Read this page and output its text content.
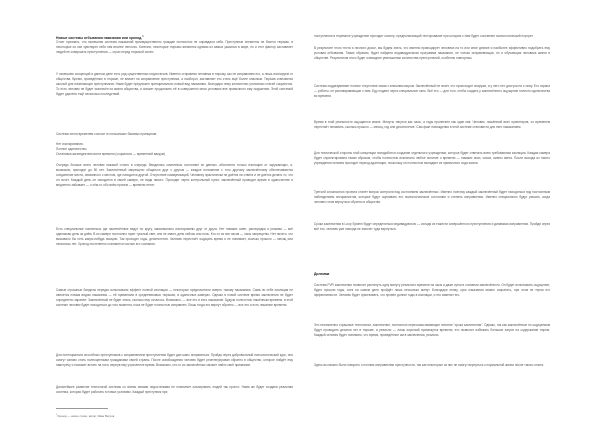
Новые системы отбывания наказания или хронод.$^1$

Стоит признать, что нынешняя система наказаний преимущественно граждан полностью не оправдала себя. Преступные элементы не боятся тюрьмы, в некоторые из них чувствуют себя там вполне неплохо. Конечно, некоторые тюрьмы являются одними из самых ужасных в мире, но и этот фактор заставляет людей не совершать преступления — страх перед тюрьмой силен.

У нынешних концепций в данном деле есть ряд существенных недостатков. Именно отправляя человека в тюрьму, мы не исправляем его, а лишь изолируем от общества. Время, проведённое в тюрьме, не влияет на исправление преступника, а наоборот, заставляет его стать ещё более опасным. Тюрьма становится школой для начинающих преступников. Нами будет предложен принципиально новый вид наказания, благодаря чему количество уголовных статей сократится. То есть человек не будет исключён из жизни общества, а сможет продолжить её в совершенно иных условиях вне привычного ему окружения. Этой системой будет удалено ещё несколько последствий.

Система легли временем состоит из нескольких базовых принципов.

Нет изолирования.

Полное одиночество.

Остановка жизнедеятельности времени (социально — временной вакуум)

Очередь больше всего человек никакой стоять в очереди. Вводились комплексы состояние их данных, абсолютно только изоляцию от окружающих, и, возможно, приходят до 50 лет. Заключённый запрещено общаться друг с другом — каждое положение с того другому заключённому обеспечиваются соединение места, связанного с местом, где находится другой. Отсутствие коммуникаций. Человеку практически не даётся ни ответа и не даётся делать то, что он хочет. Каждый день он находится в своей камере, не видя никого. Проходят через контрольный пункт, заключённый проводит время в одиночестве и медленно забывает — о чём-то обо всём прочем — времени летит.

Есть специальные комплексы где заключённые ведут по кругу, максимально изолированы друг от друга. Нет никаких смен, распорядка и режима — всё одинаково день за днём. В их камере постоянно горит тусклый свет, они не знают, день сейчас или ночь. Кто-то из них часов — часы запрещены. Нет ничего, что вызывало бы хоть какую-нибудь эмоцию. Так проходят годы, десятилетия. Человек перестаёт ощущать время и не понимает, сколько прошло — месяц или несколько лет. Хронод постепенно становится частью его сознания.

Самые страшные бандиты нередко испытывали эффект полной изоляции — некоторые предпочитали смерть такому наказанию. Сама по себе изоляция не является новым видом наказания — её применяли в средневековых тюрьмах, в одиночных камерах. Однако в новой системе время заключения не будет определено заранее. Заключённый не будет знать, сколько ему осталось. Возможно, — все это и есть наказание. Будучи полностью лишённым времени, в этой системе человек будет находиться до того момента, пока не будет полностью исправлен. Лишь тогда его вернут обратно — все это и есть лишение времени.

Для потенциально способных преступников с исправлением преступления будет дан шанс исправиться. Пройдя через добровольный психологический курс, они смогут заново стать полноценными гражданами своей страны. После освобождения человек будет реинтегрирован обратно в общество, которое пойдёт ему навстречу и поможет встать на ноги, вернув ему утраченное время. Возможно, кто-то из заключённых сможет найти своё призвание.

Дальнейшее развитие технологий системы со всеми своими недостатками не позволяет изолировать людей так просто. Нами же будет создана реальная система, которая будет работать в новых условиях. Каждый преступник при

$^1$Хронод — новое слово, автор: Иван Ветров

поступлении в тюремное учреждение проходит осмотр, предполагающий тестирование при котором с ним будет составлен психологический портрет.

В результате этого теста и личного досье, мы будем знать, что именно провоцирует человека на то или иное деяние и наиболее эффективно подобрать ему условия отбывания. Таким образом, будет найдена индивидуальная программа наказания, не только исправляющая, но и обучающая человека жизни в обществе. Результатом этого будет очевидное уменьшение количества преступлений, особенно повторных.

Система подразумевает полное отсутствие связи с внешним миром. Заключённый не знает, что происходит снаружи, и у него нет доступа ни к чему. Его охрана — роботы, не разговаривающие с ним. Еду подают через специальное окно. Всё это — для того, чтобы создать у заключённого ощущение полного одиночества во времени.

Время в этой реальности ощущается иначе. Минуты тянутся как часы, а годы пролетают как один миг. Человек, лишённый всех ориентиров, со временем перестаёт понимать, сколько прошло — месяц, год или десятилетие. Сам факт нахождения в этой системе становится для него наказанием.

Для технической стороны этой концепции понадобится создание отдельного учреждения, которое будет отвечать всем требованиям изоляции. Каждая камера будет спроектирована таким образом, чтобы полностью исключить любое понятие о времени — никаких окон, часов, смены света. После выхода из такого учреждения человек проходит период адаптации, поскольку он полностью выпадает из привычного хода жизни.

Третьей сложностью проекта станет вопрос контроля над состоянием заключённых. Именно поэтому каждый заключённый будет находиться под постоянным наблюдением специалистов, которые будут оценивать его психологическое состояние и степень исправления. Именно специалисты будут решать, когда человек готов вернуться обратно в общество.

Сроки заключения в Loop System будут определяться индивидуально — исходя из тяжести совершённого преступления и динамики исправления. Пройдя через всё это, человек уже никогда не захочет туда вернуться.

Дилемма

Система FVR заключения позволит растянуть одну минуту реального времени на часы и даже сутки в сознании заключённого. Он будет испытывать ощущение, будто прошли годы, хотя на самом деле пройдёт лишь несколько минут. Благодаря этому, срок наказания можно сократить, при этом не теряя его эффективности. Человек будет чувствовать, что провёл долгие годы в изоляции, и это изменит его.

Это несомненно страшные технологии, заключение, полностью переосмысливающие понятие "срока заключения". Однако, так как заключённые по ощущениям будут проводить десятки лет в тюрьме, а реально — лишь короткий промежуток времени, это позволит избежать больших затрат на содержание тюрем. Каждый человек будет понимать, что время, проведённое им в заключении, реально.

Здесь вы можно было говорить о полном исправлении преступности, так как некоторые из них не смогут вернуться к нормальной жизни после такого опыта.
